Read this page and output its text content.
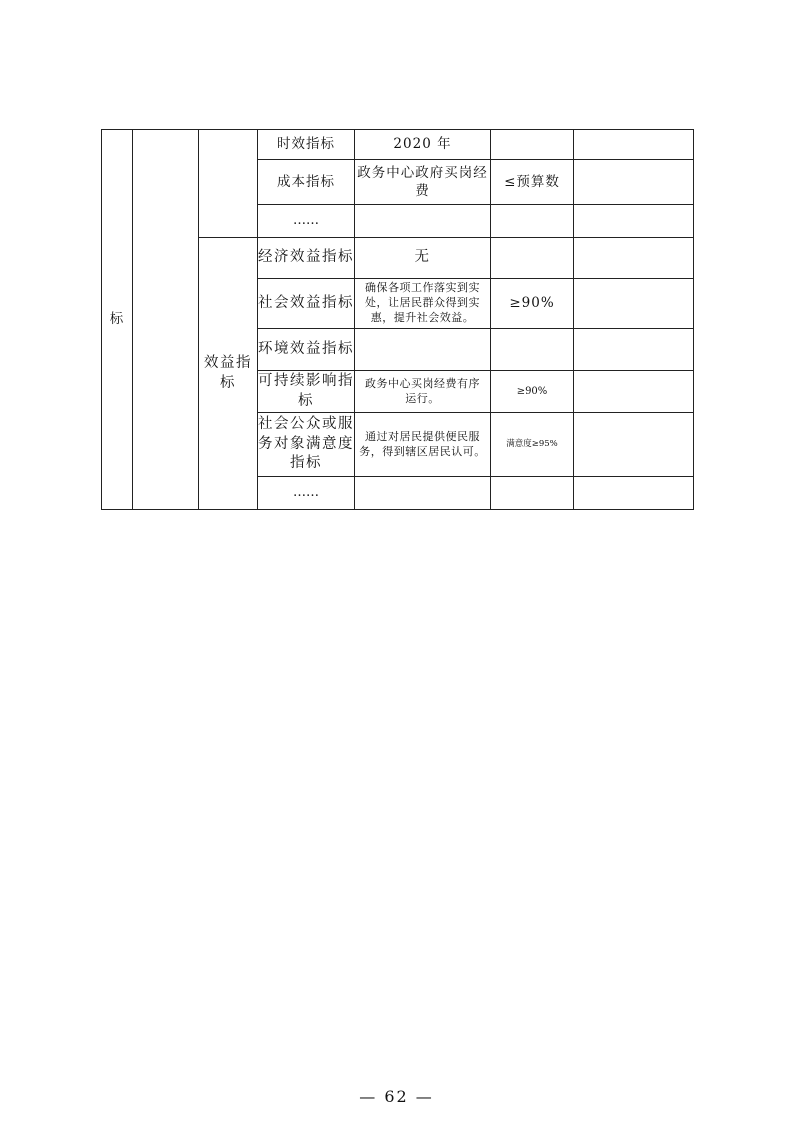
标			时效指标	2020 年		
			成本指标	政务中心政府买岗经费	≤预算数	
			……			
		效益指标	经济效益指标	无		
			社会效益指标	确保各项工作落实到实处，让居民群众得到实惠，提升社会效益。	≥90%	
			环境效益指标			
			可持续影响指标	政务中心买岗经费有序运行。	≥90%	
			社会公众或服务对象满意度指标	通过对居民提供便民服务，得到辖区居民认可。	满意度≥95%	
			……			
— 62 —
